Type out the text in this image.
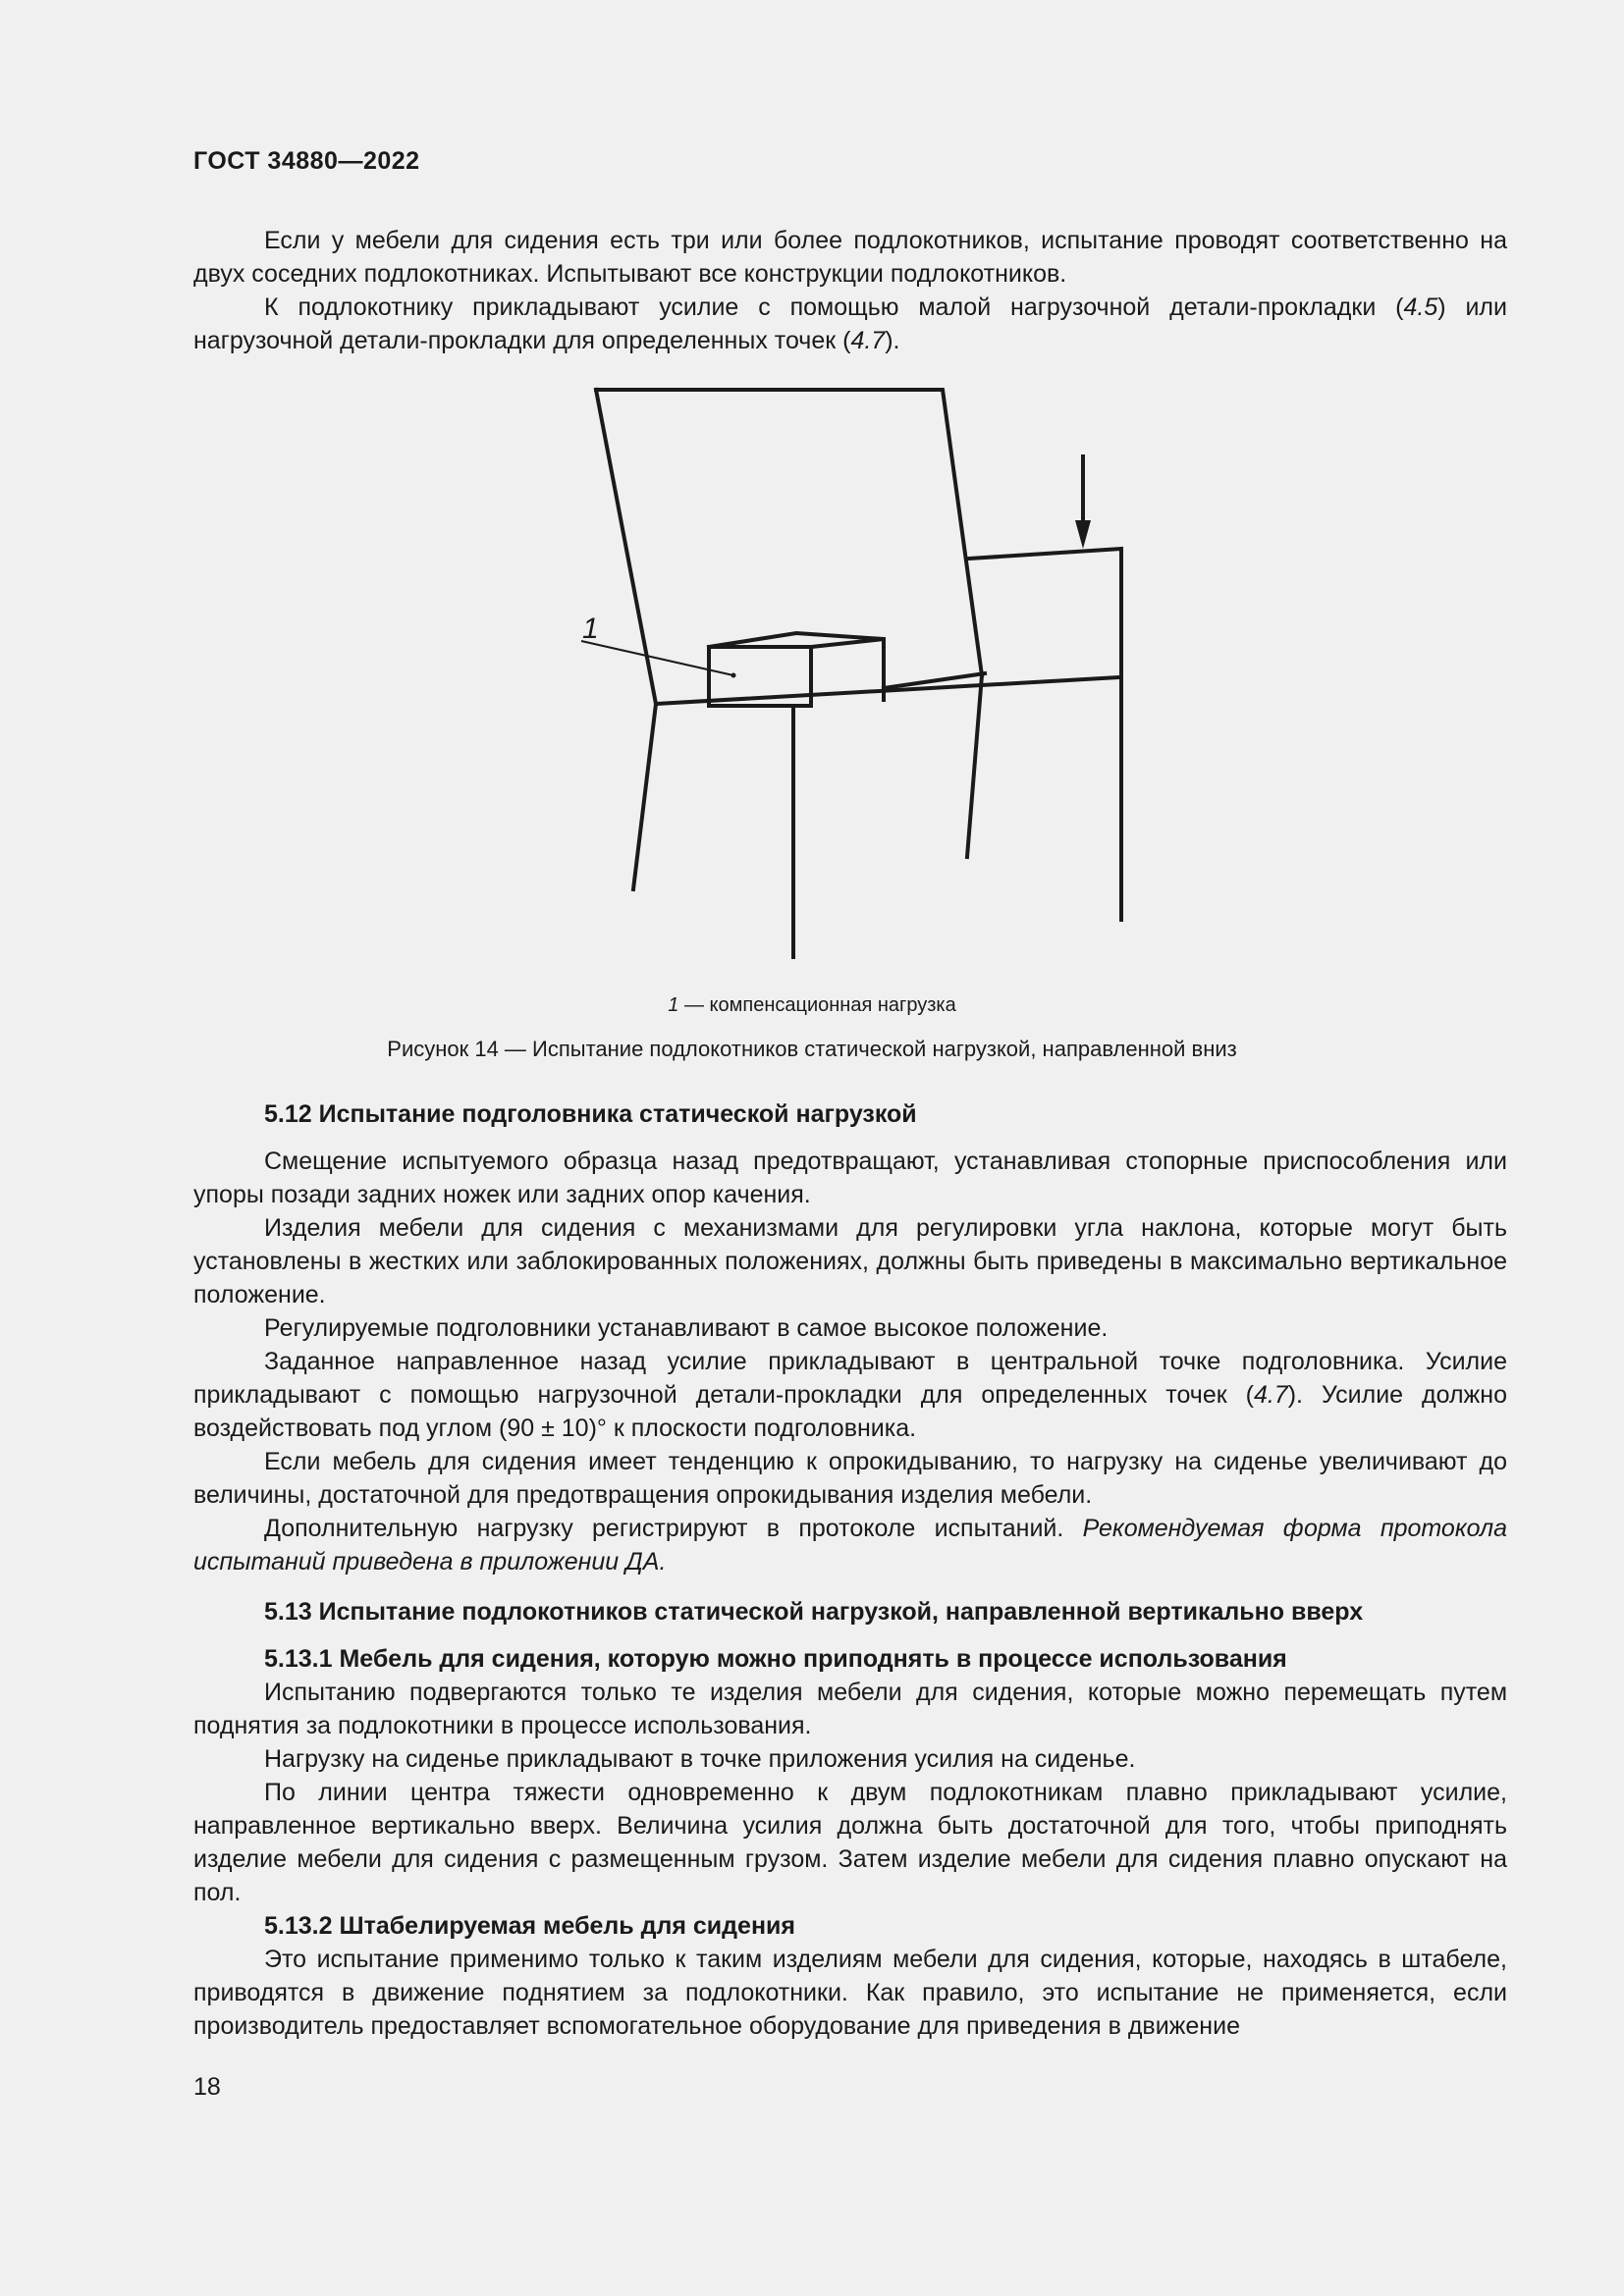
ГОСТ 34880—2022

Если у мебели для сидения есть три или более подлокотников, испытание проводят соответственно на двух соседних подлокотниках. Испытывают все конструкции подлокотников.

К подлокотнику прикладывают усилие с помощью малой нагрузочной детали-прокладки (4.5) или нагрузочной детали-прокладки для определенных точек (4.7).

1
1 — компенсационная нагрузка
Рисунок 14 — Испытание подлокотников статической нагрузкой, направленной вниз

5.12 Испытание подголовника статической нагрузкой

Смещение испытуемого образца назад предотвращают, устанавливая стопорные приспособления или упоры позади задних ножек или задних опор качения.

Изделия мебели для сидения с механизмами для регулировки угла наклона, которые могут быть установлены в жестких или заблокированных положениях, должны быть приведены в максимально вертикальное положение.

Регулируемые подголовники устанавливают в самое высокое положение.

Заданное направленное назад усилие прикладывают в центральной точке подголовника. Усилие прикладывают с помощью нагрузочной детали-прокладки для определенных точек (4.7). Усилие должно воздействовать под углом (90 ± 10)° к плоскости подголовника.

Если мебель для сидения имеет тенденцию к опрокидыванию, то нагрузку на сиденье увеличивают до величины, достаточной для предотвращения опрокидывания изделия мебели.

Дополнительную нагрузку регистрируют в протоколе испытаний. Рекомендуемая форма протокола испытаний приведена в приложении ДА.

5.13 Испытание подлокотников статической нагрузкой, направленной вертикально вверх

5.13.1 Мебель для сидения, которую можно приподнять в процессе использования

Испытанию подвергаются только те изделия мебели для сидения, которые можно перемещать путем поднятия за подлокотники в процессе использования.

Нагрузку на сиденье прикладывают в точке приложения усилия на сиденье.

По линии центра тяжести одновременно к двум подлокотникам плавно прикладывают усилие, направленное вертикально вверх. Величина усилия должна быть достаточной для того, чтобы приподнять изделие мебели для сидения с размещенным грузом. Затем изделие мебели для сидения плавно опускают на пол.

5.13.2 Штабелируемая мебель для сидения

Это испытание применимо только к таким изделиям мебели для сидения, которые, находясь в штабеле, приводятся в движение поднятием за подлокотники. Как правило, это испытание не применяется, если производитель предоставляет вспомогательное оборудование для приведения в движение

18
